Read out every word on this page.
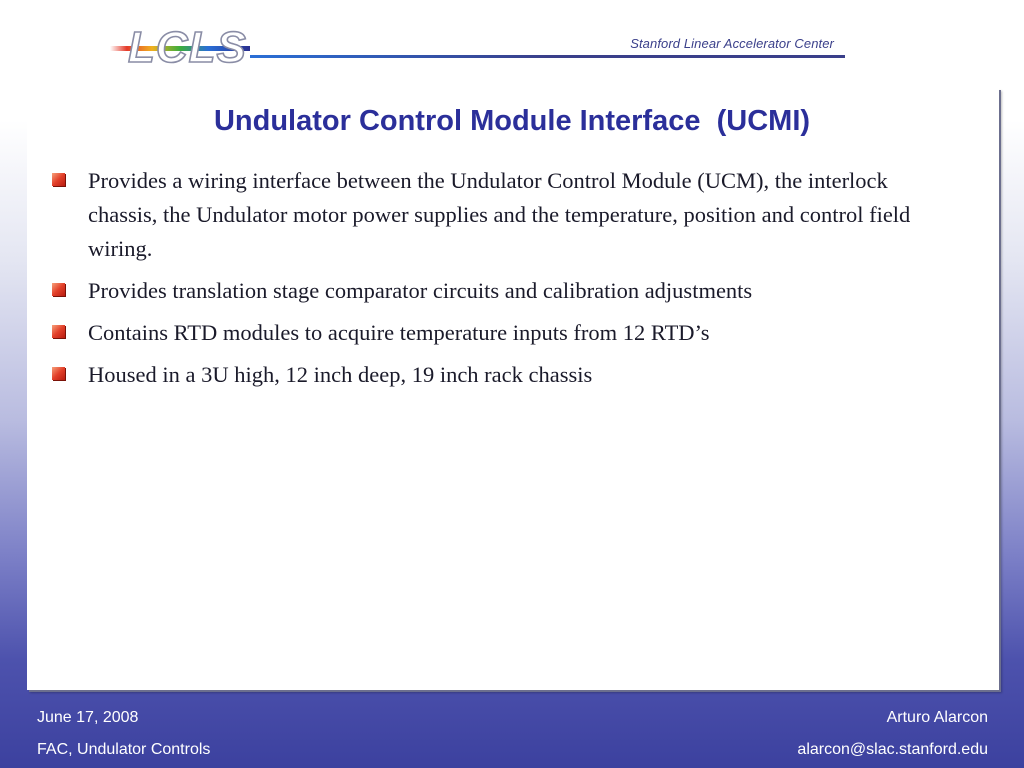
LCLS	Stanford Linear Accelerator Center
Undulator Control Module Interface  (UCMI)
Provides a wiring interface between the Undulator Control Module (UCM), the interlock chassis, the Undulator motor power supplies and the temperature, position and control field wiring.
Provides translation stage comparator circuits and calibration adjustments
Contains RTD modules to acquire temperature inputs from 12 RTD’s
Housed in a 3U high, 12 inch deep, 19 inch rack chassis
June 17, 2008
FAC, Undulator Controls
Arturo Alarcon
alarcon@slac.stanford.edu
